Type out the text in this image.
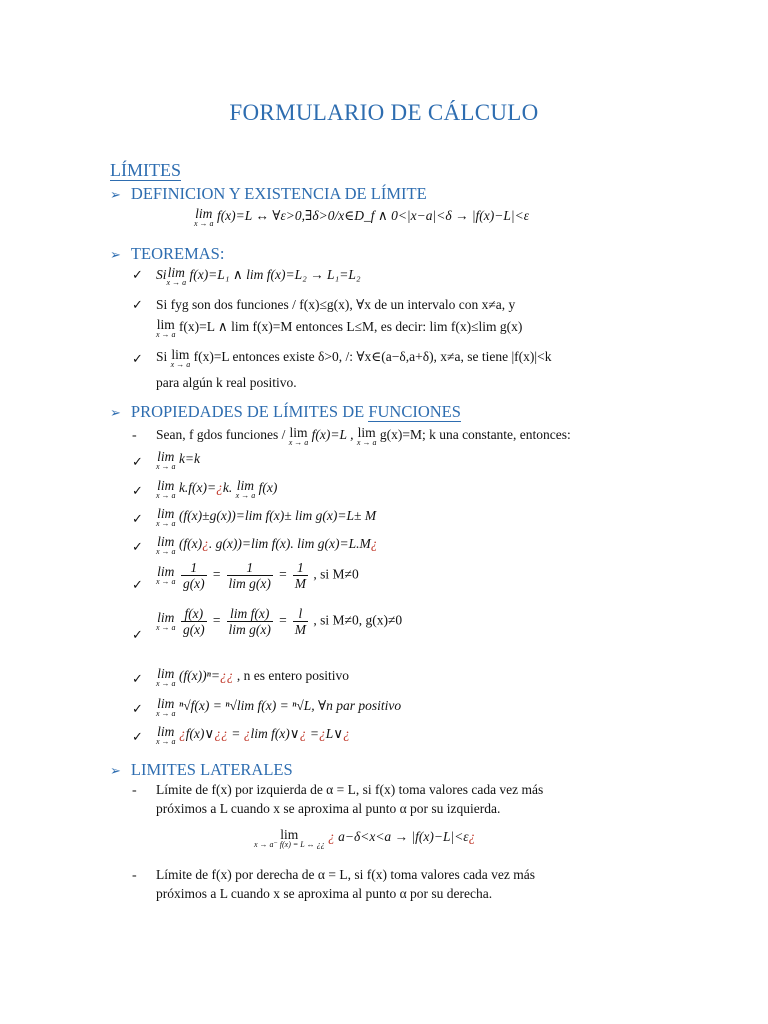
FORMULARIO DE CÁLCULO
LÍMITES
➢ DEFINICION Y EXISTENCIA DE LÍMITE
lim
x → a
f(x)=L ↔ ∀ε>0,∃δ>0/x∈D_f ∧ 0<|x−a|<δ → |f(x)−L|<ε
➢ TEOREMAS:
✓ Silim
x → a
f(x)=L₁ ∧ lim f(x)=L₂ → L₁=L₂
✓ Si fyg son dos funciones / f(x)≤g(x), ∀x de un intervalo con x≠a, y
lim
x → a
f(x)=L ∧ lim f(x)=M entonces L≤M, es decir: lim f(x)≤lim g(x)
✓ Si lim
x → a
f(x)=L entonces existe δ>0, /: ∀x∈(a−δ,a+δ), x≠a, se tiene |f(x)|<k
para algún k real positivo.
➢ PROPIEDADES DE LÍMITES DE FUNCIONES
- Sean, f gdos funciones / lim
x → a
f(x)=L , lim
x → a
g(x)=M; k una constante, entonces:
✓ lim
x → a
k=k
✓ lim
x → a
k.f(x)=¿k. lim
x → a
f(x)
✓ lim
x → a
(f(x)±g(x))=lim f(x)± lim g(x)=L± M
✓ lim
x → a
(f(x)¿. g(x))=lim f(x). lim g(x)=L.M¿
✓
lim
x → a
$\frac{1}{g(x)} = \frac{1}{\text{lim g(x)}} = \frac{1}{M}$ , si M≠0
✓
lim
x → a
$\frac{f(x)}{g(x)} = \frac{\text{lim f(x)}}{\text{lim g(x)}} = \frac{l}{M}$ , si M≠0, g(x)≠0
✓ lim
x → a
(f(x))ⁿ=¿¿ , n es entero positivo
✓ lim
x → a
ⁿ√f(x) = ⁿ√lim f(x) = ⁿ√L, ∀n par positivo
✓ lim
x → a
¿f(x)∨¿¿ = ¿lim f(x)∨¿ =¿L∨¿
➢ LIMITES LATERALES
- Límite de f(x) por izquierda de α = L, si f(x) toma valores cada vez más
próximos a L cuando x se aproxima al punto α por su izquierda.
lim
x → a⁻ f(x) = L ↔ ¿¿
¿ a−δ<x<a → |f(x)−L|<ε¿
- Límite de f(x) por derecha de α = L, si f(x) toma valores cada vez más
próximos a L cuando x se aproxima al punto α por su derecha.
